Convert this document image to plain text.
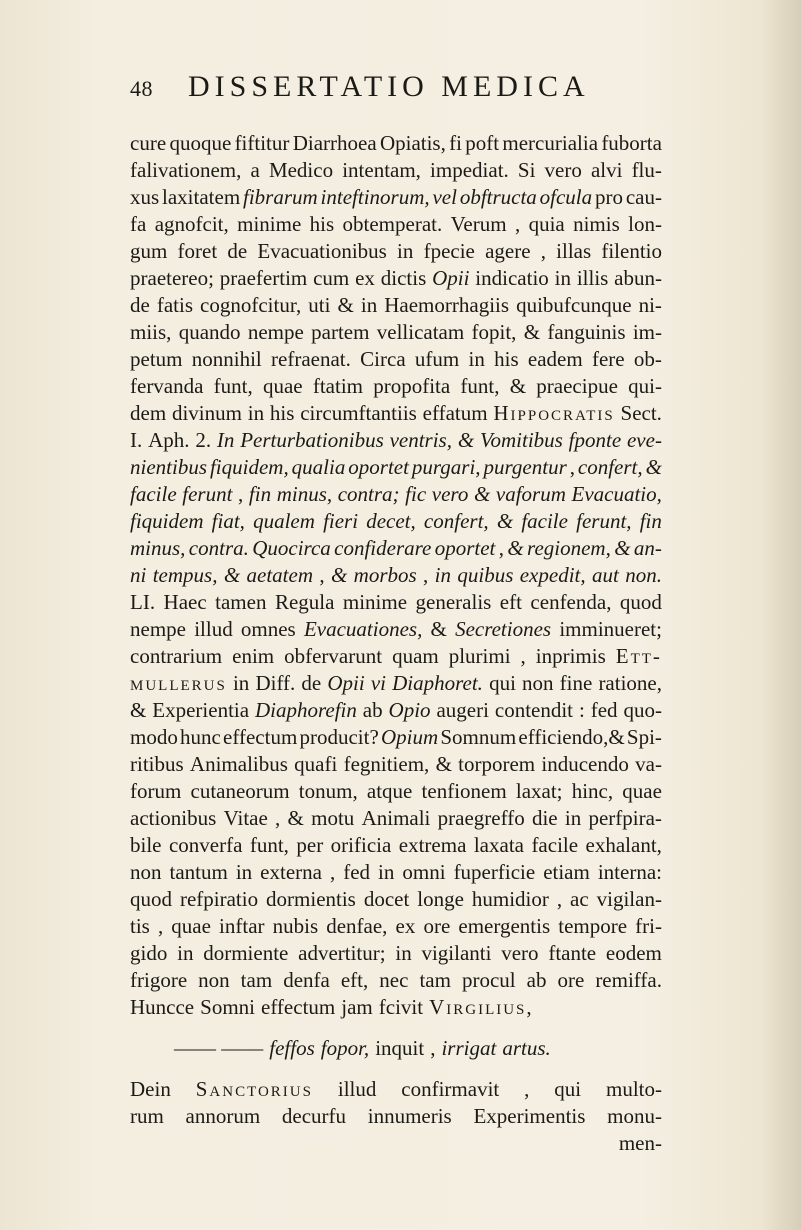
48 DISSERTATIO MEDICA
cure quoque fiftitur Diarrhoea Opiatis, fi poft mercurialia fuborta
falivationem, a Medico intentam, impediat. Si vero alvi flu-
xus laxitatem fibrarum inteftinorum, vel obftructa ofcula pro cau-
fa agnofcit, minime his obtemperat. Verum , quia nimis lon-
gum foret de Evacuationibus in fpecie agere , illas filentio
praetereo; praefertim cum ex dictis Opii indicatio in illis abun-
de fatis cognofcitur, uti & in Haemorrhagiis quibufcunque ni-
miis, quando nempe partem vellicatam fopit, & fanguinis im-
petum nonnihil refraenat. Circa ufum in his eadem fere ob-
fervanda funt, quae ftatim propofita funt, & praecipue qui-
dem divinum in his circumftantiis effatum Hippocratis Sect.
I. Aph. 2. In Perturbationibus ventris, & Vomitibus fponte eve-
nientibus fiquidem, qualia oportet purgari, purgentur , confert, &
facile ferunt , fin minus, contra; fic vero & vaforum Evacuatio,
fiquidem fiat, qualem fieri decet, confert, & facile ferunt, fin
minus, contra. Quocirca confiderare oportet , & regionem, & an-
ni tempus, & aetatem , & morbos , in quibus expedit, aut non.
LI. Haec tamen Regula minime generalis eft cenfenda, quod
nempe illud omnes Evacuationes, & Secretiones imminueret;
contrarium enim obfervarunt quam plurimi , inprimis Ett-
mullerus in Diff. de Opii vi Diaphoret. qui non fine ratione,
& Experientia Diaphorefin ab Opio augeri contendit : fed quo-
modo hunc effectum producit? Opium Somnum efficiendo,& Spi-
ritibus Animalibus quafi fegnitiem, & torporem inducendo va-
forum cutaneorum tonum, atque tenfionem laxat; hinc, quae
actionibus Vitae , & motu Animali praegreffo die in perfpira-
bile converfa funt, per orificia extrema laxata facile exhalant,
non tantum in externa , fed in omni fuperficie etiam interna:
quod refpiratio dormientis docet longe humidior , ac vigilan-
tis , quae inftar nubis denfae, ex ore emergentis tempore fri-
gido in dormiente advertitur; in vigilanti vero ftante eodem
frigore non tam denfa eft, nec tam procul ab ore remiffa.
Huncce Somni effectum jam fcivit Virgilius,
—— —— feffos fopor, inquit , irrigat artus.
Dein Sanctorius illud confirmavit , qui multo-
rum annorum decurfu innumeris Experimentis monu-
men-
